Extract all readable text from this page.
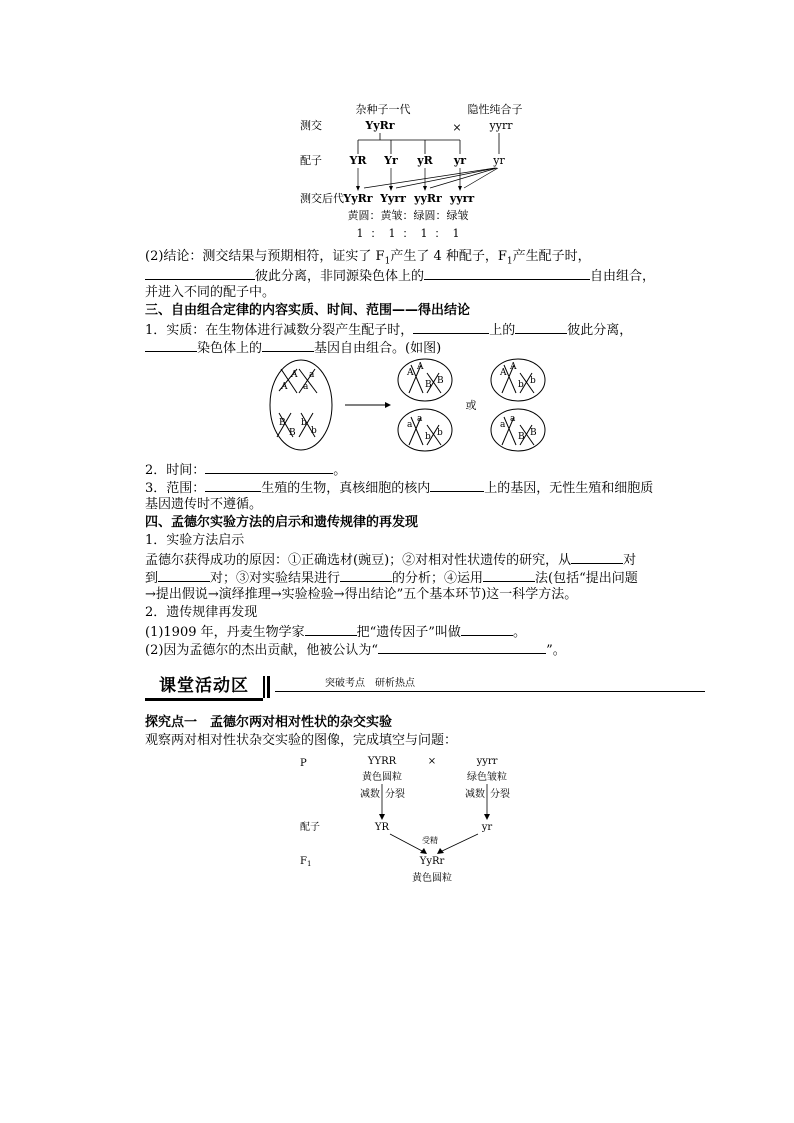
杂种子一代	隐性纯合子
测交	YyRr	×	yyrr
配子	YR Yr yR yr yr
测交后代 YyRr Yyrr yyRr yyrr
黄圆：黄皱：绿圆：绿皱
1  ：  1  ：  1  ：  1
(2)结论：测交结果与预期相符，证实了 $F_1$产生了 4 种配子，$F_1$产生配子时，
彼此分离，非同源染色体上的	自由组合，
并进入不同的配子中。
三、自由组合定律的内容实质、时间、范围——得出结论
1．实质：在生物体进行减数分裂产生配子时，	上的	彼此分离，
染色体上的	基因自由组合。(如图)
A
A
a
a
B
B
b
b
A
A
B B
a
a
b b
A
A
b b
a
a
B B
或
2．时间：	。
3．范围：	生殖的生物，真核细胞的核内	上的基因，无性生殖和细胞质
基因遗传时不遵循。
四、孟德尔实验方法的启示和遗传规律的再发现
1．实验方法启示
孟德尔获得成功的原因：①正确选材(豌豆)；②对相对性状遗传的研究，从	对
到	对；③对实验结果进行	的分析；④运用	法(包括“提出问题
→提出假说→演绎推理→实验检验→得出结论”五个基本环节)这一科学方法。
2．遗传规律再发现
(1)1909 年，丹麦生物学家	把“遗传因子”叫做	。
(2)因为孟德尔的杰出贡献，他被公认为“	”。
课堂活动区	突破考点　研析热点
探究点一　孟德尔两对相对性状的杂交实验
观察两对相对性状杂交实验的图像，完成填空与问题：
P	YYRR	×	yyrr
黄色圆粒	绿色皱粒
减数 分裂	减数 分裂
配子	YR	yr
受精
$F_1$	YyRr
黄色圆粒
